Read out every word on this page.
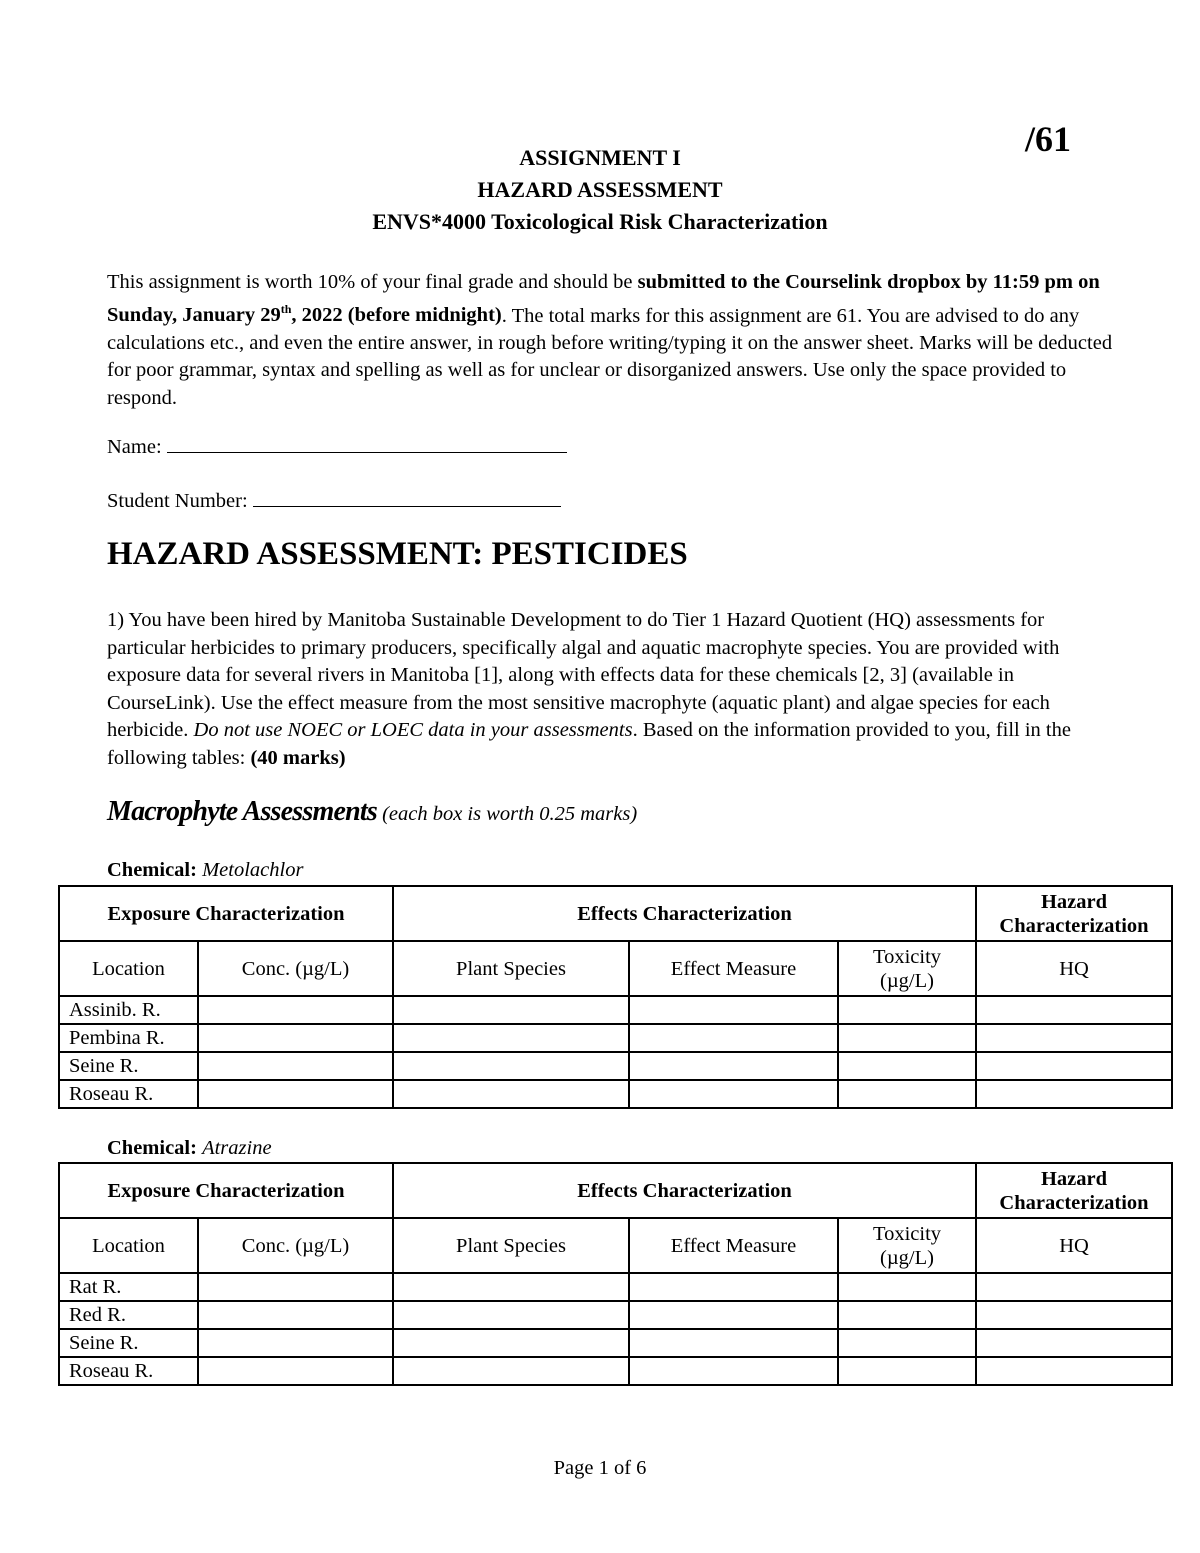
/61
ASSIGNMENT I
HAZARD ASSESSMENT
ENVS*4000 Toxicological Risk Characterization
This assignment is worth 10% of your final grade and should be submitted to the Courselink dropbox by 11:59 pm on Sunday, January 29th, 2022 (before midnight). The total marks for this assignment are 61. You are advised to do any calculations etc., and even the entire answer, in rough before writing/typing it on the answer sheet. Marks will be deducted for poor grammar, syntax and spelling as well as for unclear or disorganized answers. Use only the space provided to respond.
Name:
Student Number:
HAZARD ASSESSMENT: PESTICIDES
1) You have been hired by Manitoba Sustainable Development to do Tier 1 Hazard Quotient (HQ) assessments for particular herbicides to primary producers, specifically algal and aquatic macrophyte species. You are provided with exposure data for several rivers in Manitoba [1], along with effects data for these chemicals [2, 3] (available in CourseLink). Use the effect measure from the most sensitive macrophyte (aquatic plant) and algae species for each herbicide. Do not use NOEC or LOEC data in your assessments. Based on the information provided to you, fill in the following tables: (40 marks)
Macrophyte Assessments (each box is worth 0.25 marks)
Chemical: Metolachlor
Exposure Characterization		Effects Characterization			Hazard
Characterization
Location	Conc. (µg/L)	Plant Species	Effect Measure	Toxicity
(µg/L)	HQ
Assinib. R.					
Pembina R.					
Seine R.					
Roseau R.					
Chemical: Atrazine
Exposure Characterization		Effects Characterization			Hazard
Characterization
Location	Conc. (µg/L)	Plant Species	Effect Measure	Toxicity
(µg/L)	HQ
Rat R.					
Red R.					
Seine R.					
Roseau R.					
Page 1 of 6
